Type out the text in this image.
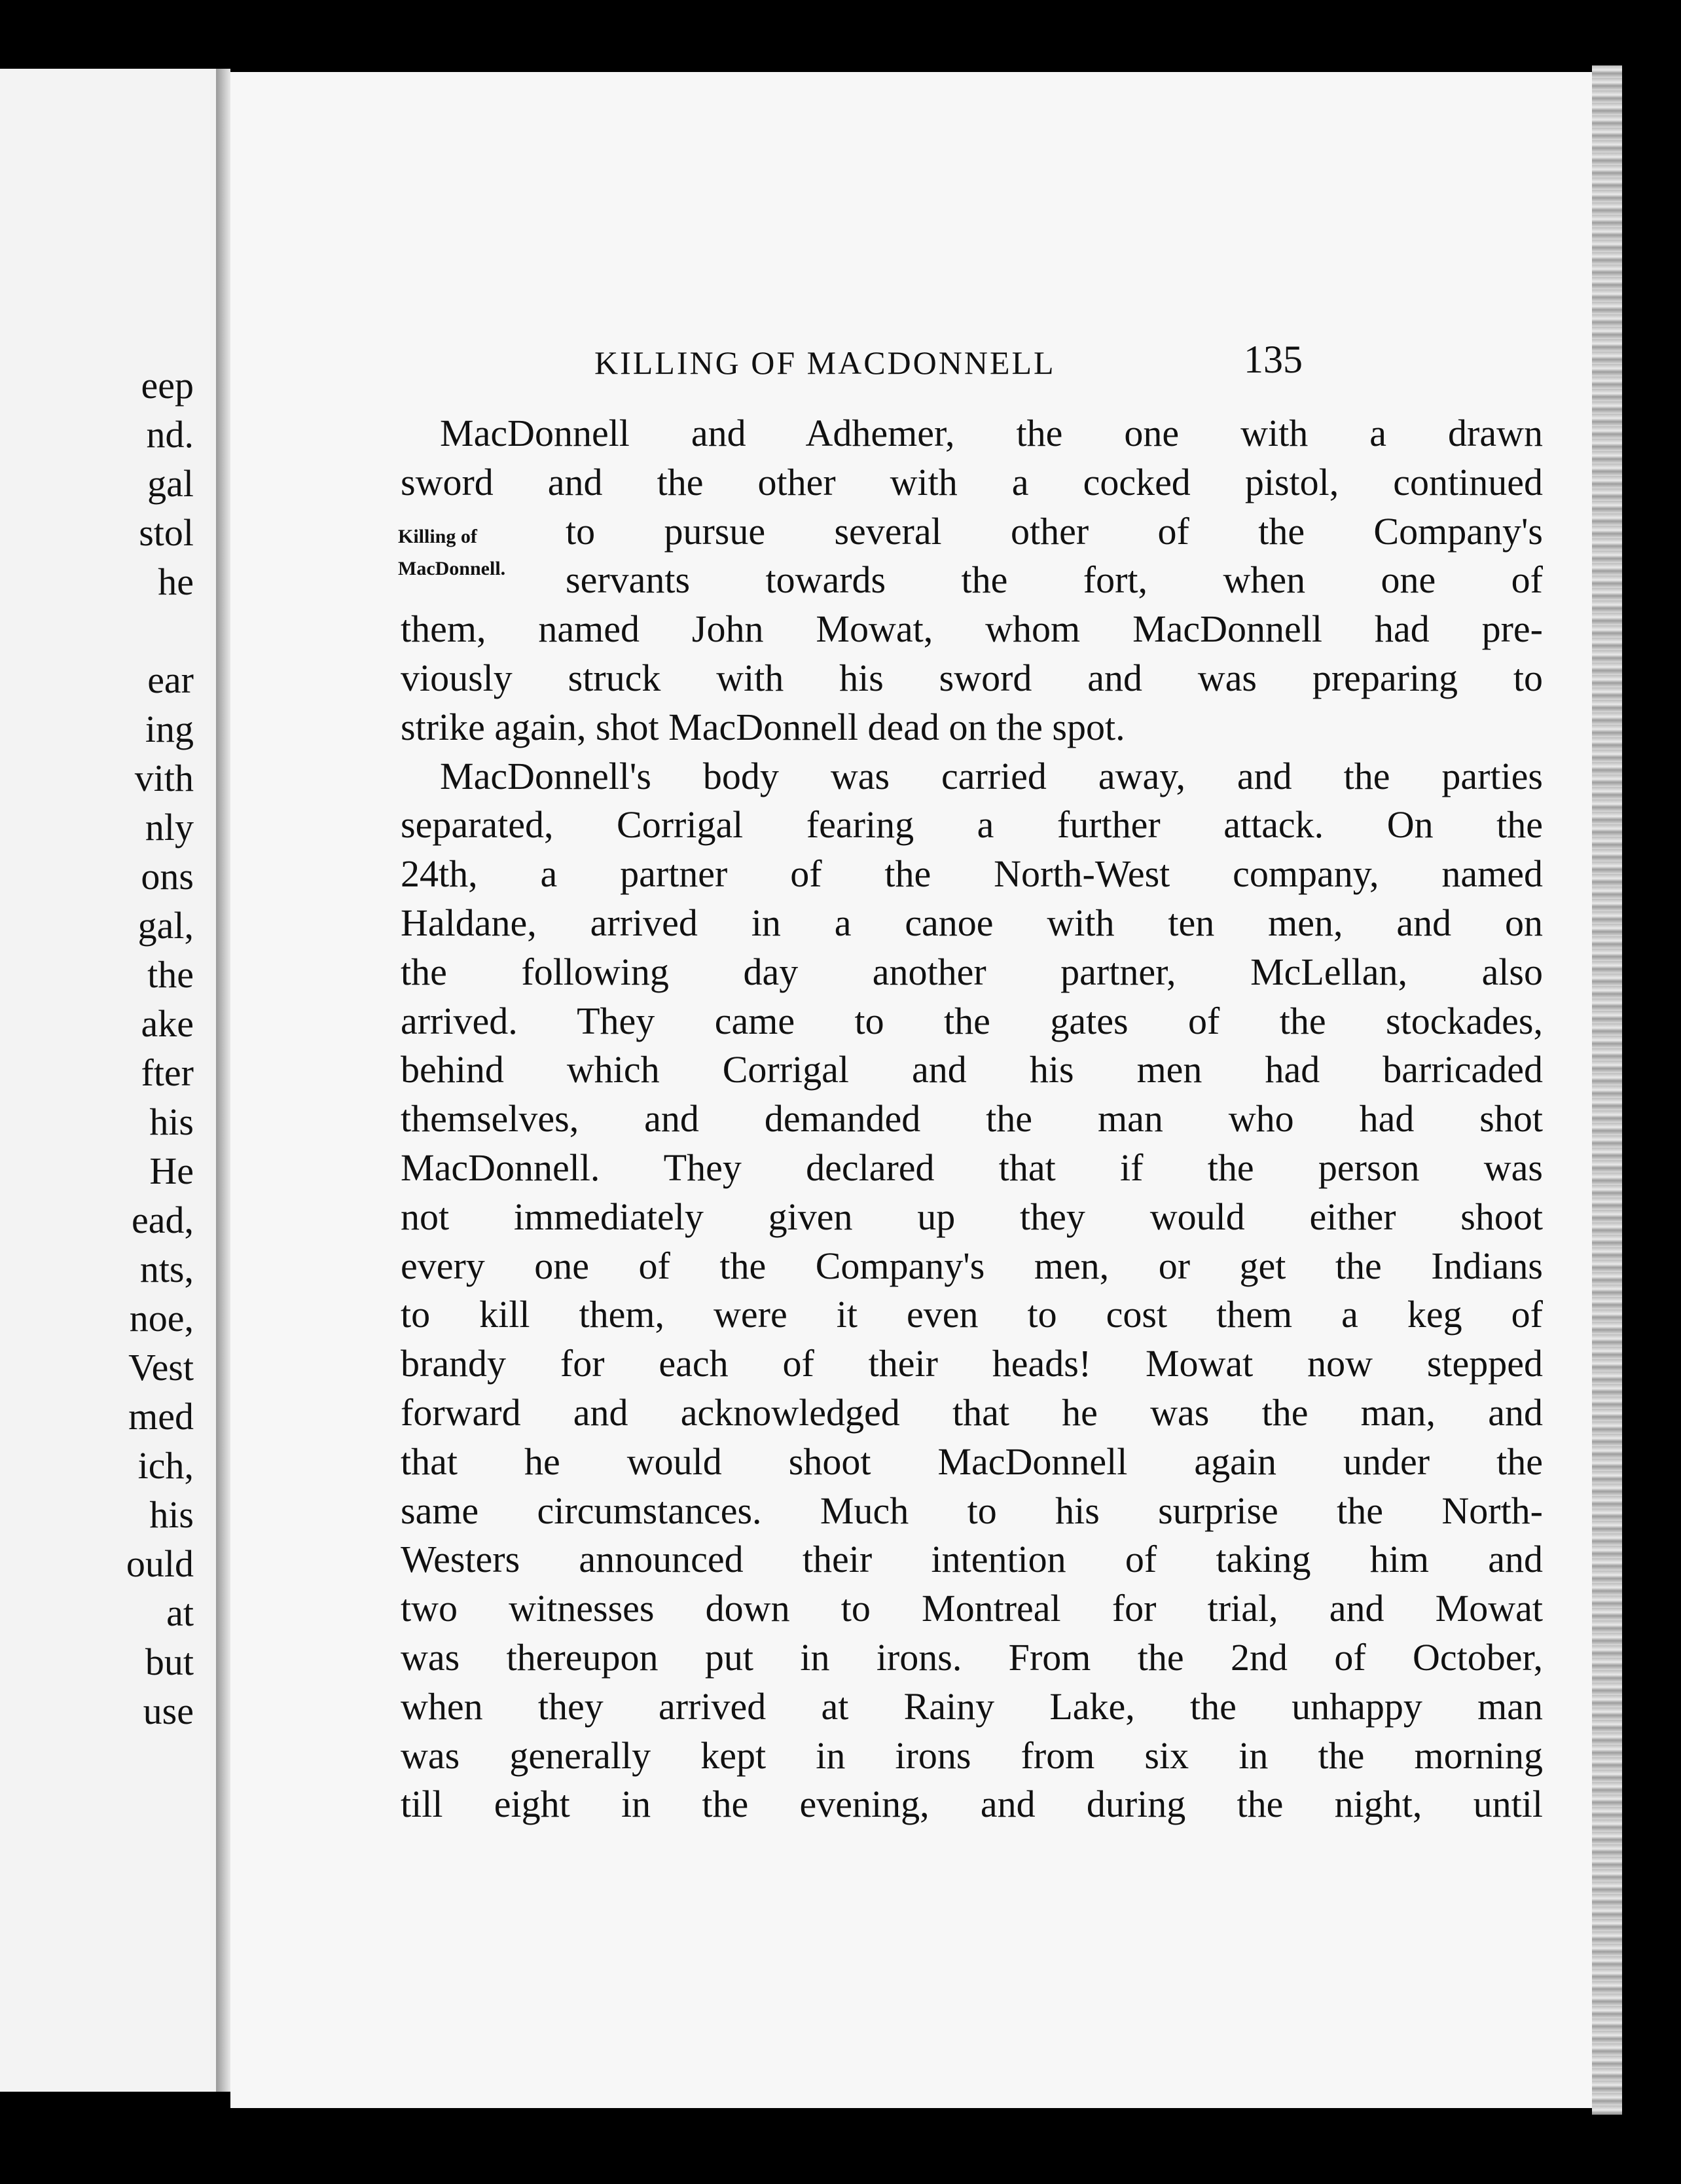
eep
nd.
gal
stol
he
ear
ing
vith
nly
ons
gal,
the
ake
fter
his
He
ead,
nts,
noe,
Vest
med
ich,
his
ould
at
but
use
KILLING OF MACDONNELL	135
MacDonnell and Adhemer, the one with a drawn
sword and the other with a cocked pistol, continued
Killing of to pursue several other of the Company's
MacDonnell. servants towards the fort, when one of
them, named John Mowat, whom MacDonnell had pre-
viously struck with his sword and was preparing to
strike again, shot MacDonnell dead on the spot.
MacDonnell's body was carried away, and the parties
separated, Corrigal fearing a further attack. On the
24th, a partner of the North-West company, named
Haldane, arrived in a canoe with ten men, and on
the following day another partner, McLellan, also
arrived. They came to the gates of the stockades,
behind which Corrigal and his men had barricaded
themselves, and demanded the man who had shot
MacDonnell. They declared that if the person was
not immediately given up they would either shoot
every one of the Company's men, or get the Indians
to kill them, were it even to cost them a keg of
brandy for each of their heads! Mowat now stepped
forward and acknowledged that he was the man, and
that he would shoot MacDonnell again under the
same circumstances. Much to his surprise the North-
Westers announced their intention of taking him and
two witnesses down to Montreal for trial, and Mowat
was thereupon put in irons. From the 2nd of October,
when they arrived at Rainy Lake, the unhappy man
was generally kept in irons from six in the morning
till eight in the evening, and during the night, until
